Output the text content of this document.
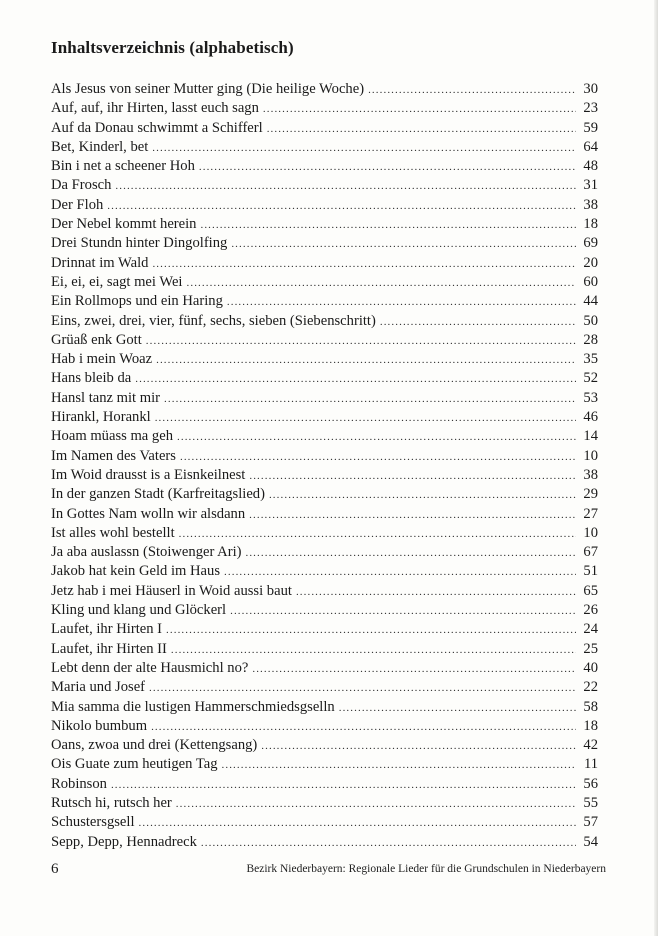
Inhaltsverzeichnis (alphabetisch)
Als Jesus von seiner Mutter ging (Die heilige Woche) .....	30
Auf, auf, ihr Hirten, lasst euch sagn .....	23
Auf da Donau schwimmt a Schifferl .....	59
Bet, Kinderl, bet .....	64
Bin i net a scheener Hoh .....	48
Da Frosch .....	31
Der Floh .....	38
Der Nebel kommt herein .....	18
Drei Stundn hinter Dingolfing .....	69
Drinnat im Wald .....	20
Ei, ei, ei, sagt mei Wei .....	60
Ein Rollmops und ein Haring .....	44
Eins, zwei, drei, vier, fünf, sechs, sieben (Siebenschritt) .....	50
Grüaß enk Gott .....	28
Hab i mein Woaz .....	35
Hans bleib da .....	52
Hansl tanz mit mir .....	53
Hirankl, Horankl .....	46
Hoam müass ma geh .....	14
Im Namen des Vaters .....	10
Im Woid drausst is a Eisnkeilnest .....	38
In der ganzen Stadt (Karfreitagslied) .....	29
In Gottes Nam wolln wir alsdann .....	27
Ist alles wohl bestellt .....	10
Ja aba auslassn (Stoiwenger Ari) .....	67
Jakob hat kein Geld im Haus .....	51
Jetz hab i mei Häuserl in Woid aussi baut .....	65
Kling und klang und Glöckerl .....	26
Laufet, ihr Hirten I .....	24
Laufet, ihr Hirten II .....	25
Lebt denn der alte Hausmichl no? .....	40
Maria und Josef .....	22
Mia samma die lustigen Hammerschmiedsgselln .....	58
Nikolo bumbum .....	18
Oans, zwoa und drei (Kettengsang) .....	42
Ois Guate zum heutigen Tag .....	11
Robinson .....	56
Rutsch hi, rutsch her .....	55
Schustersgsell .....	57
Sepp, Depp, Hennadreck .....	54
6	Bezirk Niederbayern: Regionale Lieder für die Grundschulen in Niederbayern
